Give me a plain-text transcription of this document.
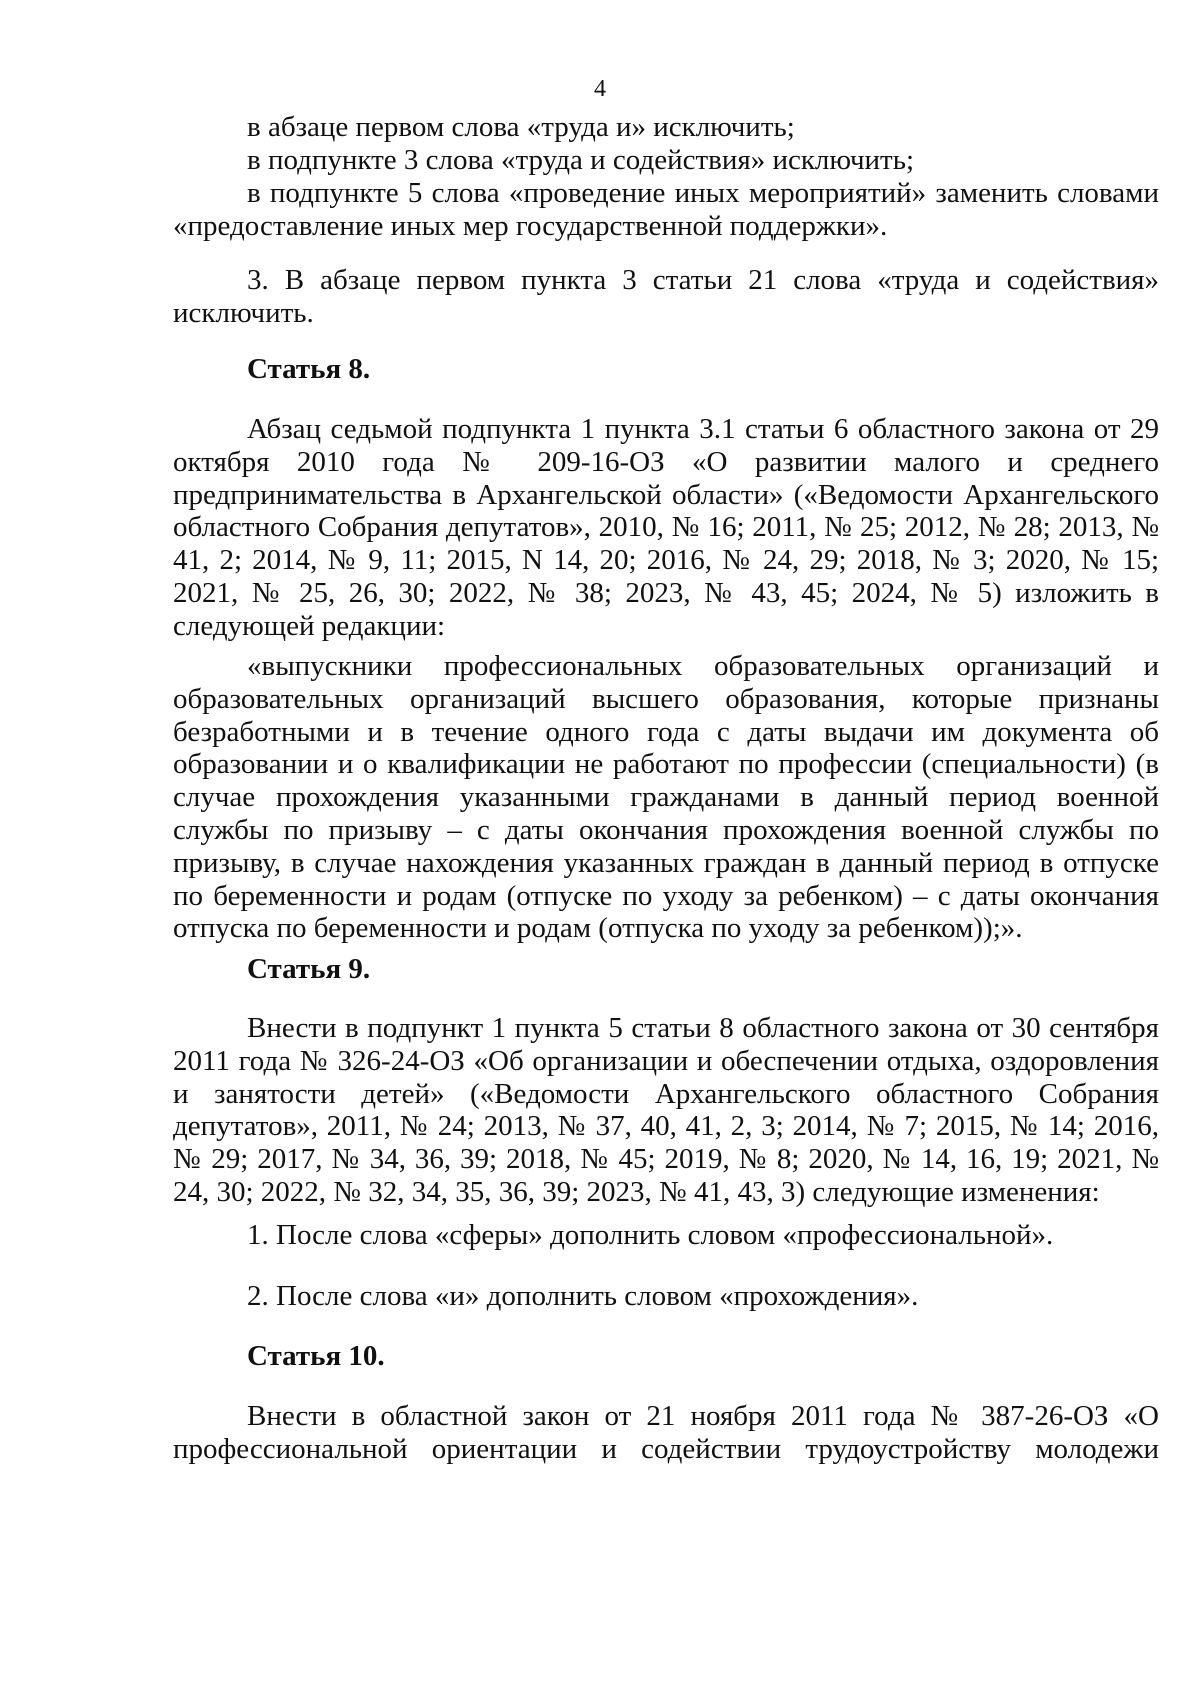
4
в абзаце первом слова «труда и» исключить;
в подпункте 3 слова «труда и содействия» исключить;
в подпункте 5 слова «проведение иных мероприятий» заменить словами «предоставление иных мер государственной поддержки».
3. В абзаце первом пункта 3 статьи 21 слова «труда и содействия» исключить.
Статья 8.
Абзац седьмой подпункта 1 пункта 3.1 статьи 6 областного закона от 29 октября 2010 года № 209-16-ОЗ «О развитии малого и среднего предпринимательства в Архангельской области» («Ведомости Архангельского областного Собрания депутатов», 2010, № 16; 2011, № 25; 2012, № 28; 2013, № 41, 2; 2014, № 9, 11; 2015, N 14, 20; 2016, № 24, 29; 2018, № 3; 2020, № 15; 2021, № 25, 26, 30; 2022, № 38; 2023, № 43, 45; 2024, № 5) изложить в следующей редакции:
«выпускники профессиональных образовательных организаций и образовательных организаций высшего образования, которые признаны безработными и в течение одного года с даты выдачи им документа об образовании и о квалификации не работают по профессии (специальности) (в случае прохождения указанными гражданами в данный период военной службы по призыву – с даты окончания прохождения военной службы по призыву, в случае нахождения указанных граждан в данный период в отпуске по беременности и родам (отпуске по уходу за ребенком) – с даты окончания отпуска по беременности и родам (отпуска по уходу за ребенком));».
Статья 9.
Внести в подпункт 1 пункта 5 статьи 8 областного закона от 30 сентября 2011 года № 326-24-ОЗ «Об организации и обеспечении отдыха, оздоровления и занятости детей» («Ведомости Архангельского областного Собрания депутатов», 2011, № 24; 2013, № 37, 40, 41, 2, 3; 2014, № 7; 2015, № 14; 2016, № 29; 2017, № 34, 36, 39; 2018, № 45; 2019, № 8; 2020, № 14, 16, 19; 2021, № 24, 30; 2022, № 32, 34, 35, 36, 39; 2023, № 41, 43, 3) следующие изменения:
1. После слова «сферы» дополнить словом «профессиональной».
2. После слова «и» дополнить словом «прохождения».
Статья 10.
Внести в областной закон от 21 ноября 2011 года № 387-26-ОЗ «О профессиональной ориентации и содействии трудоустройству молодежи
